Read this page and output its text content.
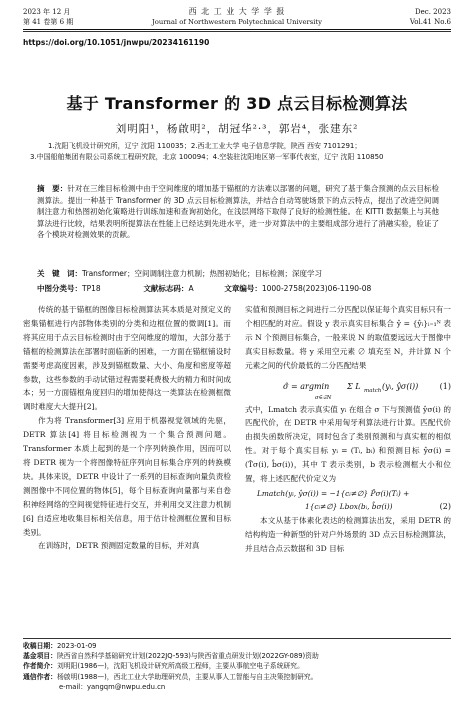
2023 年 12 月
第 41 卷第 6 期
西 北 工 业 大 学 学 报
Journal of Northwestern Polytechnical University
Dec. 2023
Vol.41 No.6
https://doi.org/10.1051/jnwpu/20234161190
基于 Transformer 的 3D 点云目标检测算法
刘明阳¹，杨啟明²，胡冠华²·³，郭岩⁴，张建东²
1.沈阳飞机设计研究所，辽宁 沈阳 110035；2.西北工业大学 电子信息学院，陕西 西安 7101291；
3.中国船舶集团有限公司系统工程研究院，北京 100094；4.空装驻沈阳地区第一军事代表室，辽宁 沈阳 110850
摘　要：针对在三维目标检测中由于空间维度的增加基于锚框的方法难以部署的问题，研究了基于集合预测的点云目标检测算法。提出一种基于 Transformer 的 3D 点云目标检测算法，并结合自动驾驶场景下的点云特点，提出了改进空间调制注意力和热图初始化策略进行训练加速和查询初始化，在浅层网络下取得了良好的检测性能。在 KITTI 数据集上与其他算法进行比较，结果表明所提算法在性能上已经达到先进水平，进一步对算法中的主要组成部分进行了消融实验，验证了各个模块对检测效果的贡献。
关　键　词：Transformer；空间调制注意力机制；热图初始化；目标检测；深度学习
中图分类号：TP18	文献标志码：A	文章编号：1000-2758(2023)06-1190-08

传统的基于锚框的图像目标检测算法其本质是对预定义的密集锚框进行内部物体类别的分类和边框位置的微调[1]。而将其应用于点云目标检测时由于空间维度的增加，大部分基于锚框的检测算法在部署时面临新的困难，一方面在锚框铺设时需要考虑高度因素，涉及到锚框数量、大小、角度和密度等超参数，这些参数的手动试错过程需要耗费极大的精力和时间成本；另一方面锚框角度回归的增加使得这一类算法在检测框微调时难度大大提升[2]。

作为将 Transformer[3] 应用于机器视觉领域的先驱，DETR 算法[4] 将目标检测视为一个集合预测问题。Transformer 本质上起到的是一个序列转换作用，因而可以将 DETR 视为一个将图像特征序列向目标集合序列的转换模块。具体来说，DETR 中设计了一系列的目标查询向量负责检测图像中不同位置的物体[5]，每个目标查询向量都与来自卷积神经网络的空间视觉特征进行交互，并利用交叉注意力机制[6] 自适应地收集目标相关信息，用于估计检测框位置和目标类别。

在训练时，DETR 预测固定数量的目标，并对真

实值和预测目标之间进行二分匹配以保证每个真实目标只有一个相匹配的对应。假设 y 表示真实目标集合 ŷ = {ŷᵢ}ᵢ₌₁ᴺ 表示 N 个预测目标集合，一般来说 N 的取值要远远大于图像中真实目标数量。将 y 采用空元素 ∅ 填充至 N，并计算 N 个元素之间的代价最低的二分匹配结果

σ̂ = argmin
σ∈𝔖N
Σ L match (yᵢ, ŷσ(i))	(1)

式中，Lmatch 表示真实值 yᵢ 在组合 σ 下与预测值 ŷσ(i) 的匹配代价，在 DETR 中采用匈牙利算法进行计算。匹配代价由损失函数所决定，同时包含了类别预测和与真实框的相似性。对于每个真实目标 yᵢ = (Tᵢ, bᵢ) 和预测目标 ŷσ(i) = (T̂σ(i), b̂σ(i))，其中 T 表示类别，b 表示检测框大小和位置，将上述匹配代价定义为

Lmatch(yᵢ, ŷσ(i)) = −1{cᵢ≠∅} P̂σ(i)(Tᵢ) +
1{cᵢ≠∅} Lbox(bᵢ, b̂σ(i))	(2)

本文从基于体素化表达的检测算法出发，采用 DETR 的结构构造一种新型的针对户外场景的 3D 点云目标检测算法，并且结合点云数据和 3D 目标

收稿日期：2023-01-09
基金项目：陕西省自然科学基础研究计划(2022JQ-593)与陕西省重点研发计划(2022GY-089)资助
作者简介：刘明阳(1986—)，沈阳飞机设计研究所高级工程师，主要从事航空电子系统研究。
通信作者：杨啟明(1988—)，西北工业大学助理研究员，主要从事人工智能与自主决策控制研究。
e-mail：yangqm@nwpu.edu.cn
